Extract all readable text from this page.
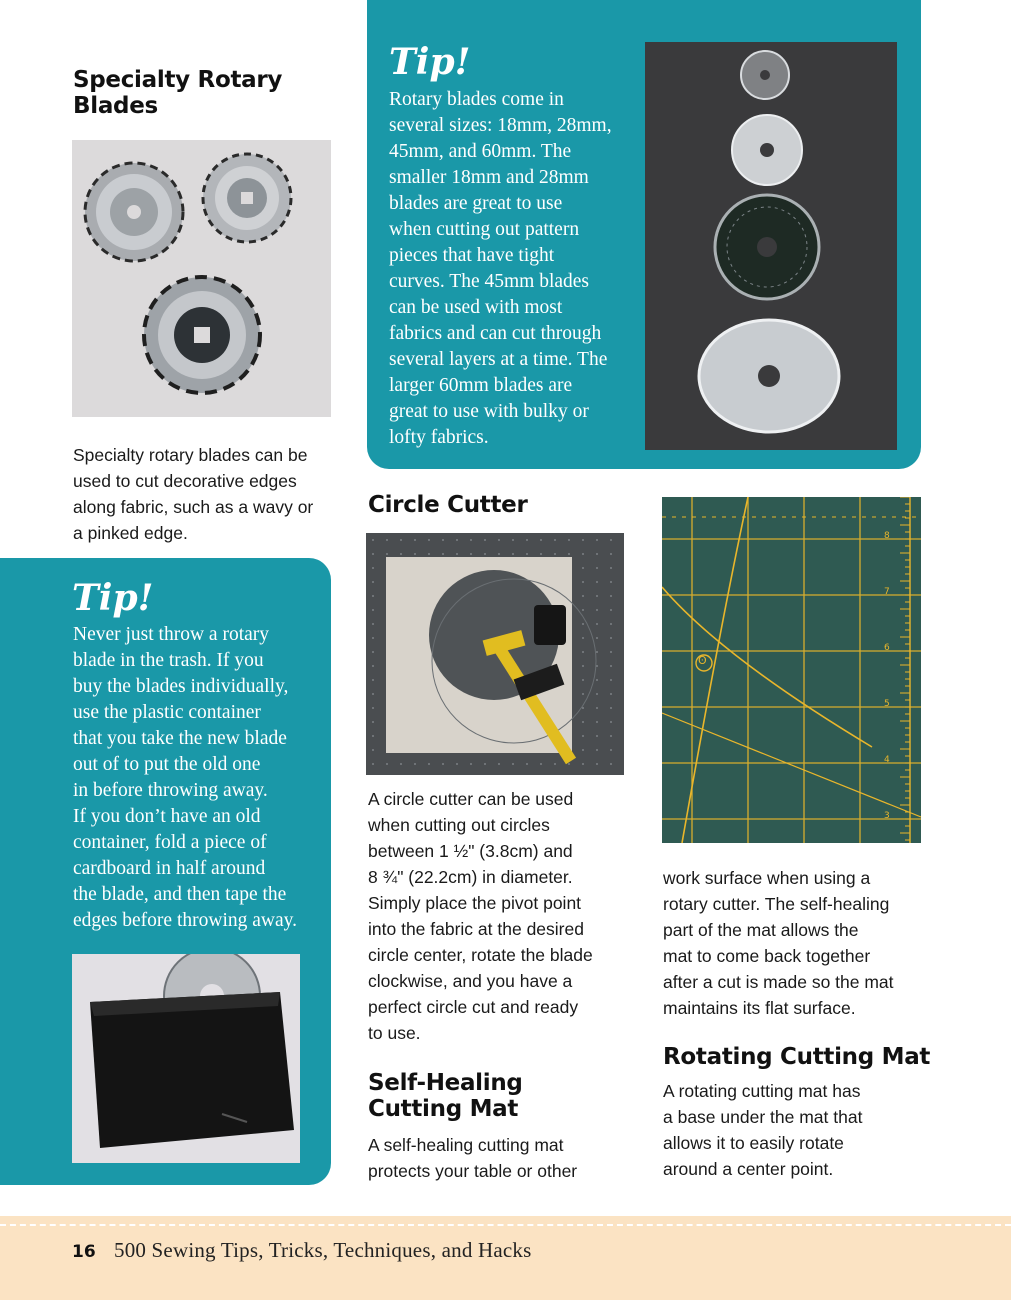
Specialty Rotary
Blades

Specialty rotary blades can be
used to cut decorative edges
along fabric, such as a wavy or
a pinked edge.

Tip!
Never just throw a rotary
blade in the trash. If you
buy the blades individually,
use the plastic container
that you take the new blade
out of to put the old one
in before throwing away.
If you don’t have an old
container, fold a piece of
cardboard in half around
the blade, and then tape the
edges before throwing away.
Tip!
Rotary blades come in
several sizes: 18mm, 28mm,
45mm, and 60mm. The
smaller 18mm and 28mm
blades are great to use
when cutting out pattern
pieces that have tight
curves. The 45mm blades
can be used with most
fabrics and can cut through
several layers at a time. The
larger 60mm blades are
great to use with bulky or
lofty fabrics.
Circle Cutter

A circle cutter can be used
when cutting out circles
between 1 ½" (3.8cm) and
8 ¾" (22.2cm) in diameter.
Simply place the pivot point
into the fabric at the desired
circle center, rotate the blade
clockwise, and you have a
perfect circle cut and ready
to use.

Self-Healing
Cutting Mat

A self-healing cutting mat
protects your table or other

ʘ
8
7
6
5
4
3

work surface when using a
rotary cutter. The self-healing
part of the mat allows the
mat to come back together
after a cut is made so the mat
maintains its flat surface.

Rotating Cutting Mat

A rotating cutting mat has
a base under the mat that
allows it to easily rotate
around a center point.

16 500 Sewing Tips, Tricks, Techniques, and Hacks
